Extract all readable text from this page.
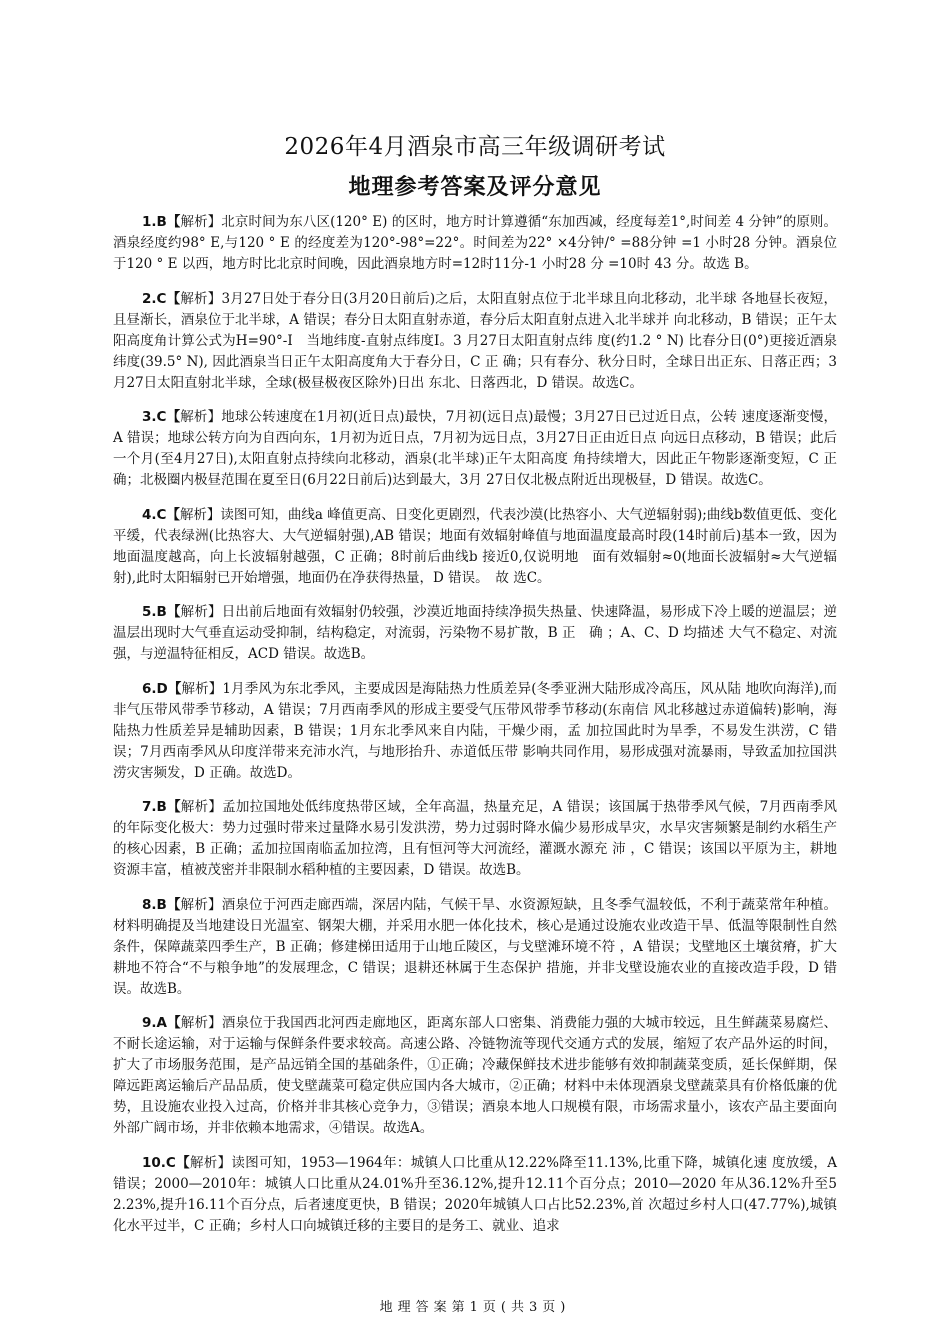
2026年4月酒泉市高三年级调研考试
地理参考答案及评分意见

1.B【解析】北京时间为东八区(120° E) 的区时，地方时计算遵循“东加西减，经度每差1°,时间差 4 分钟”的原则。酒泉经度约98° E,与120 ° E 的经度差为120°-98°=22°。时间差为22° ×4分钟/° =88分钟 =1 小时28 分钟。酒泉位于120 ° E 以西，地方时比北京时间晚，因此酒泉地方时=12时11分-1 小时28 分 =10时 43 分。故选 B。

2.C【解析】3月27日处于春分日(3月20日前后)之后，太阳直射点位于北半球且向北移动，北半球 各地昼长夜短，且昼渐长，酒泉位于北半球，A 错误；春分日太阳直射赤道，春分后太阳直射点进入北半球并 向北移动，B 错误；正午太阳高度角计算公式为H=90°-I　当地纬度-直射点纬度Ⅰ。3 月27日太阳直射点纬 度(约1.2 ° N) 比春分日(0°)更接近酒泉纬度(39.5° N), 因此酒泉当日正午太阳高度角大于春分日，C 正 确；只有春分、秋分日时，全球日出正东、日落正西；3月27日太阳直射北半球，全球(极昼极夜区除外)日出 东北、日落西北，D 错误。故选C。

3.C【解析】地球公转速度在1月初(近日点)最快，7月初(远日点)最慢；3月27日已过近日点，公转 速度逐渐变慢，A 错误；地球公转方向为自西向东，1月初为近日点，7月初为远日点，3月27日正由近日点 向远日点移动，B 错误；此后一个月(至4月27日),太阳直射点持续向北移动，酒泉(北半球)正午太阳高度 角持续增大，因此正午物影逐渐变短，C 正确；北极圈内极昼范围在夏至日(6月22日前后)达到最大，3月 27日仅北极点附近出现极昼，D 错误。故选C。

4.C【解析】读图可知，曲线a 峰值更高、日变化更剧烈，代表沙漠(比热容小、大气逆辐射弱);曲线b数值更低、变化平缓，代表绿洲(比热容大、大气逆辐射强),AB 错误；地面有效辐射峰值与地面温度最高时段(14时前后)基本一致，因为地面温度越高，向上长波辐射越强，C 正确；8时前后曲线b 接近0,仅说明地　面有效辐射≈0(地面长波辐射≈大气逆辐射),此时太阳辐射已开始增强，地面仍在净获得热量，D 错误。　故 选C。

5.B【解析】日出前后地面有效辐射仍较强，沙漠近地面持续净损失热量、快速降温，易形成下冷上暖的逆温层；逆温层出现时大气垂直运动受抑制，结构稳定，对流弱，污染物不易扩散，B 正　确 ；A、C、D 均描述 大气不稳定、对流强，与逆温特征相反，ACD 错误。故选B。

6.D【解析】1月季风为东北季风，主要成因是海陆热力性质差异(冬季亚洲大陆形成冷高压，风从陆 地吹向海洋),而非气压带风带季节移动，A 错误；7月西南季风的形成主要受气压带风带季节移动(东南信 风北移越过赤道偏转)影响，海陆热力性质差异是辅助因素，B 错误；1月东北季风来自内陆，干燥少雨，孟 加拉国此时为旱季，不易发生洪涝，C 错误；7月西南季风从印度洋带来充沛水汽，与地形抬升、赤道低压带 影响共同作用，易形成强对流暴雨，导致孟加拉国洪涝灾害频发，D 正确。故选D。

7.B【解析】孟加拉国地处低纬度热带区域，全年高温，热量充足，A 错误；该国属于热带季风气候，7月西南季风的年际变化极大：势力过强时带来过量降水易引发洪涝，势力过弱时降水偏少易形成旱灾，水旱灾害频繁是制约水稻生产的核心因素，B 正确；孟加拉国南临孟加拉湾，且有恒河等大河流经，灌溉水源充 沛 ，C 错误；该国以平原为主，耕地资源丰富，植被茂密并非限制水稻种植的主要因素，D 错误。故选B。

8.B【解析】酒泉位于河西走廊西端，深居内陆，气候干旱、水资源短缺，且冬季气温较低，不利于蔬菜常年种植。材料明确提及当地建设日光温室、钢架大棚，并采用水肥一体化技术，核心是通过设施农业改造干旱、低温等限制性自然条件，保障蔬菜四季生产，B 正确；修建梯田适用于山地丘陵区，与戈壁滩环境不符 ，A 错误；戈壁地区土壤贫瘠，扩大耕地不符合“不与粮争地”的发展理念，C 错误；退耕还林属于生态保护 措施，并非戈壁设施农业的直接改造手段，D 错误。故选B。

9.A【解析】酒泉位于我国西北河西走廊地区，距离东部人口密集、消费能力强的大城市较远，且生鲜蔬菜易腐烂、不耐长途运输，对于运输与保鲜条件要求较高。高速公路、冷链物流等现代交通方式的发展，缩短了农产品外运的时间，扩大了市场服务范围，是产品远销全国的基础条件，①正确；冷藏保鲜技术进步能够有效抑制蔬菜变质，延长保鲜期，保障远距离运输后产品品质，使戈壁蔬菜可稳定供应国内各大城市，②正确；材料中未体现酒泉戈壁蔬菜具有价格低廉的优势，且设施农业投入过高，价格并非其核心竞争力，③错误；酒泉本地人口规模有限，市场需求量小，该农产品主要面向外部广阔市场，并非依赖本地需求，④错误。故选A。

10.C【解析】读图可知，1953—1964年：城镇人口比重从12.22%降至11.13%,比重下降，城镇化速 度放缓，A 错误；2000—2010年：城镇人口比重从24.01%升至36.12%,提升12.11个百分点；2010—2020 年从36.12%升至52.23%,提升16.11个百分点，后者速度更快，B 错误；2020年城镇人口占比52.23%,首 次超过乡村人口(47.77%),城镇化水平过半，C 正确；乡村人口向城镇迁移的主要目的是务工、就业、追求

地理答案第1页(共3页)
